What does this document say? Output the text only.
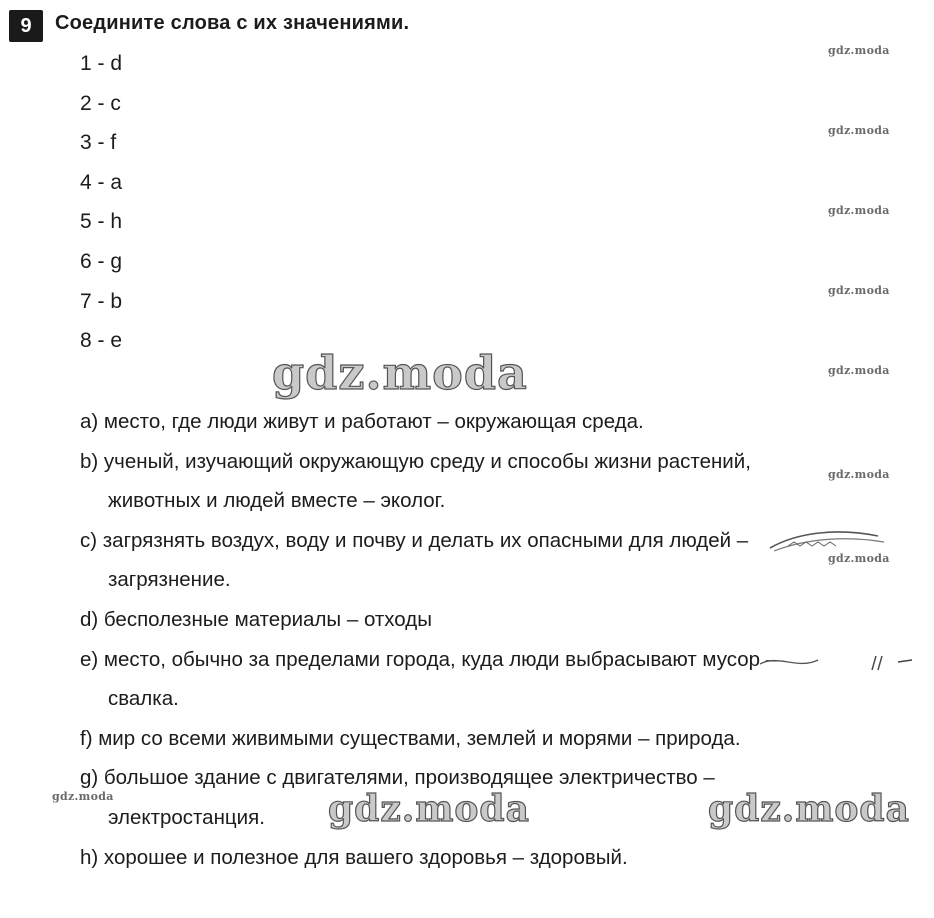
9	Соедините слова с их значениями.
1 - d
2 - c
3 - f
4 - a
5 - h
6 - g
7 - b
8 - e
a) место, где люди живут и работают – окружающая среда.
b) ученый, изучающий окружающую среду и способы жизни растений,
животных и людей вместе – эколог.
c) загрязнять воздух, воду и почву и делать их опасными для людей –
загрязнение.
d) бесполезные материалы – отходы
e) место, обычно за пределами города, куда люди выбрасывают мусор –
свалка.
f) мир со всеми живимыми существами, землей и морями – природа.
g) большое здание с двигателями, производящее электричество –
электростанция.
h) хорошее и полезное для вашего здоровья – здоровый.
gdz.moda
gdz.moda
gdz.moda
gdz.moda
gdz.moda
gdz.moda
gdz.moda
gdz.moda
gdz.moda
gdz.moda	gdz.moda
